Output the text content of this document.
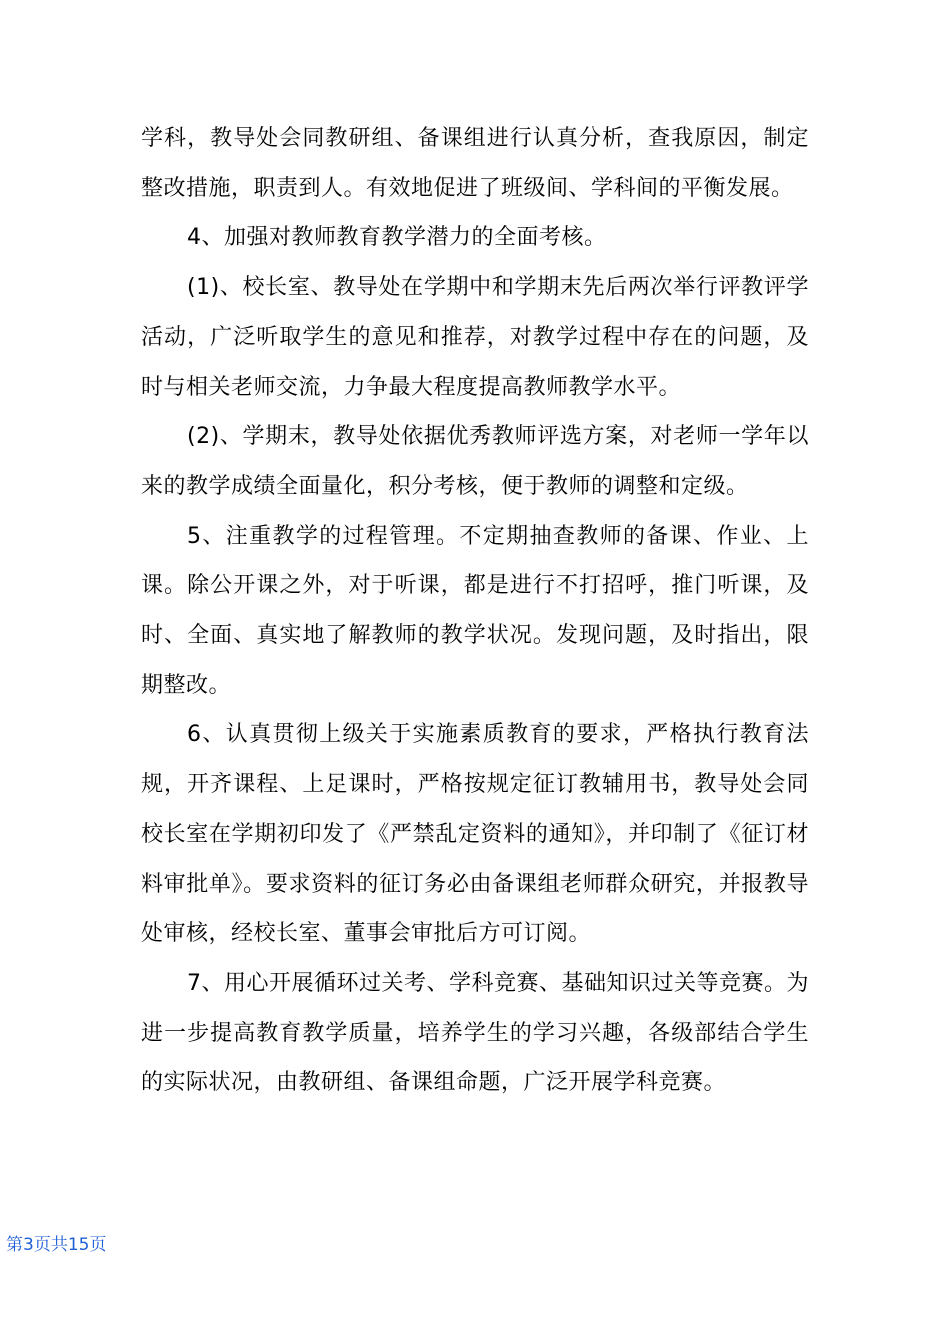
学科，教导处会同教研组、备课组进行认真分析，查我原因，制定整改措施，职责到人。有效地促进了班级间、学科间的平衡发展。

4、加强对教师教育教学潜力的全面考核。

(1)、校长室、教导处在学期中和学期末先后两次举行评教评学活动，广泛听取学生的意见和推荐，对教学过程中存在的问题，及时与相关老师交流，力争最大程度提高教师教学水平。

(2)、学期末，教导处依据优秀教师评选方案，对老师一学年以来的教学成绩全面量化，积分考核，便于教师的调整和定级。

5、注重教学的过程管理。不定期抽查教师的备课、作业、上课。除公开课之外，对于听课，都是进行不打招呼，推门听课，及时、全面、真实地了解教师的教学状况。发现问题，及时指出，限期整改。

6、认真贯彻上级关于实施素质教育的要求，严格执行教育法规，开齐课程、上足课时，严格按规定征订教辅用书，教导处会同校长室在学期初印发了《严禁乱定资料的通知》，并印制了《征订材料审批单》。要求资料的征订务必由备课组老师群众研究，并报教导处审核，经校长室、董事会审批后方可订阅。

7、用心开展循环过关考、学科竞赛、基础知识过关等竞赛。为进一步提高教育教学质量，培养学生的学习兴趣，各级部结合学生的实际状况，由教研组、备课组命题，广泛开展学科竞赛。

第3页共15页
